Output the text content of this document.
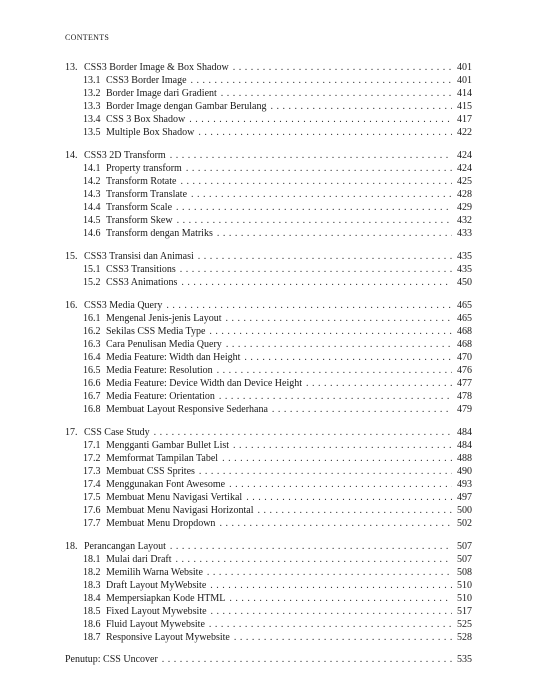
CONTENTS
13. CSS3 Border Image & Box Shadow . . .	401
13.1 CSS3 Border Image . . .	401
13.2 Border Image dari Gradient . . .	414
13.3 Border Image dengan Gambar Berulang . . .	415
13.4 CSS 3 Box Shadow . . .	417
13.5 Multiple Box Shadow . . .	422
14. CSS3 2D Transform . . .	424
14.1 Property transform . . .	424
14.2 Transform Rotate . . .	425
14.3 Transform Translate . . .	428
14.4 Transform Scale . . .	429
14.5 Transform Skew . . .	432
14.6 Transform dengan Matriks . . .	433
15. CSS3 Transisi dan Animasi . . .	435
15.1 CSS3 Transitions . . .	435
15.2 CSS3 Animations . . .	450
16. CSS3 Media Query . . .	465
16.1 Mengenal Jenis-jenis Layout . . .	465
16.2 Sekilas CSS Media Type . . .	468
16.3 Cara Penulisan Media Query . . .	468
16.4 Media Feature: Width dan Height . . .	470
16.5 Media Feature: Resolution . . .	476
16.6 Media Feature: Device Width dan Device Height . . .	477
16.7 Media Feature: Orientation . . .	478
16.8 Membuat Layout Responsive Sederhana . . .	479
17. CSS Case Study . . .	484
17.1 Mengganti Gambar Bullet List . . .	484
17.2 Memformat Tampilan Tabel . . .	488
17.3 Membuat CSS Sprites . . .	490
17.4 Menggunakan Font Awesome . . .	493
17.5 Membuat Menu Navigasi Vertikal . . .	497
17.6 Membuat Menu Navigasi Horizontal . . .	500
17.7 Membuat Menu Dropdown . . .	502
18. Perancangan Layout . . .	507
18.1 Mulai dari Draft . . .	507
18.2 Memilih Warna Website . . .	508
18.3 Draft Layout MyWebsite . . .	510
18.4 Mempersiapkan Kode HTML . . .	510
18.5 Fixed Layout Mywebsite . . .	517
18.6 Fluid Layout Mywebsite . . .	525
18.7 Responsive Layout Mywebsite . . .	528
Penutup: CSS Uncover . . .	535
